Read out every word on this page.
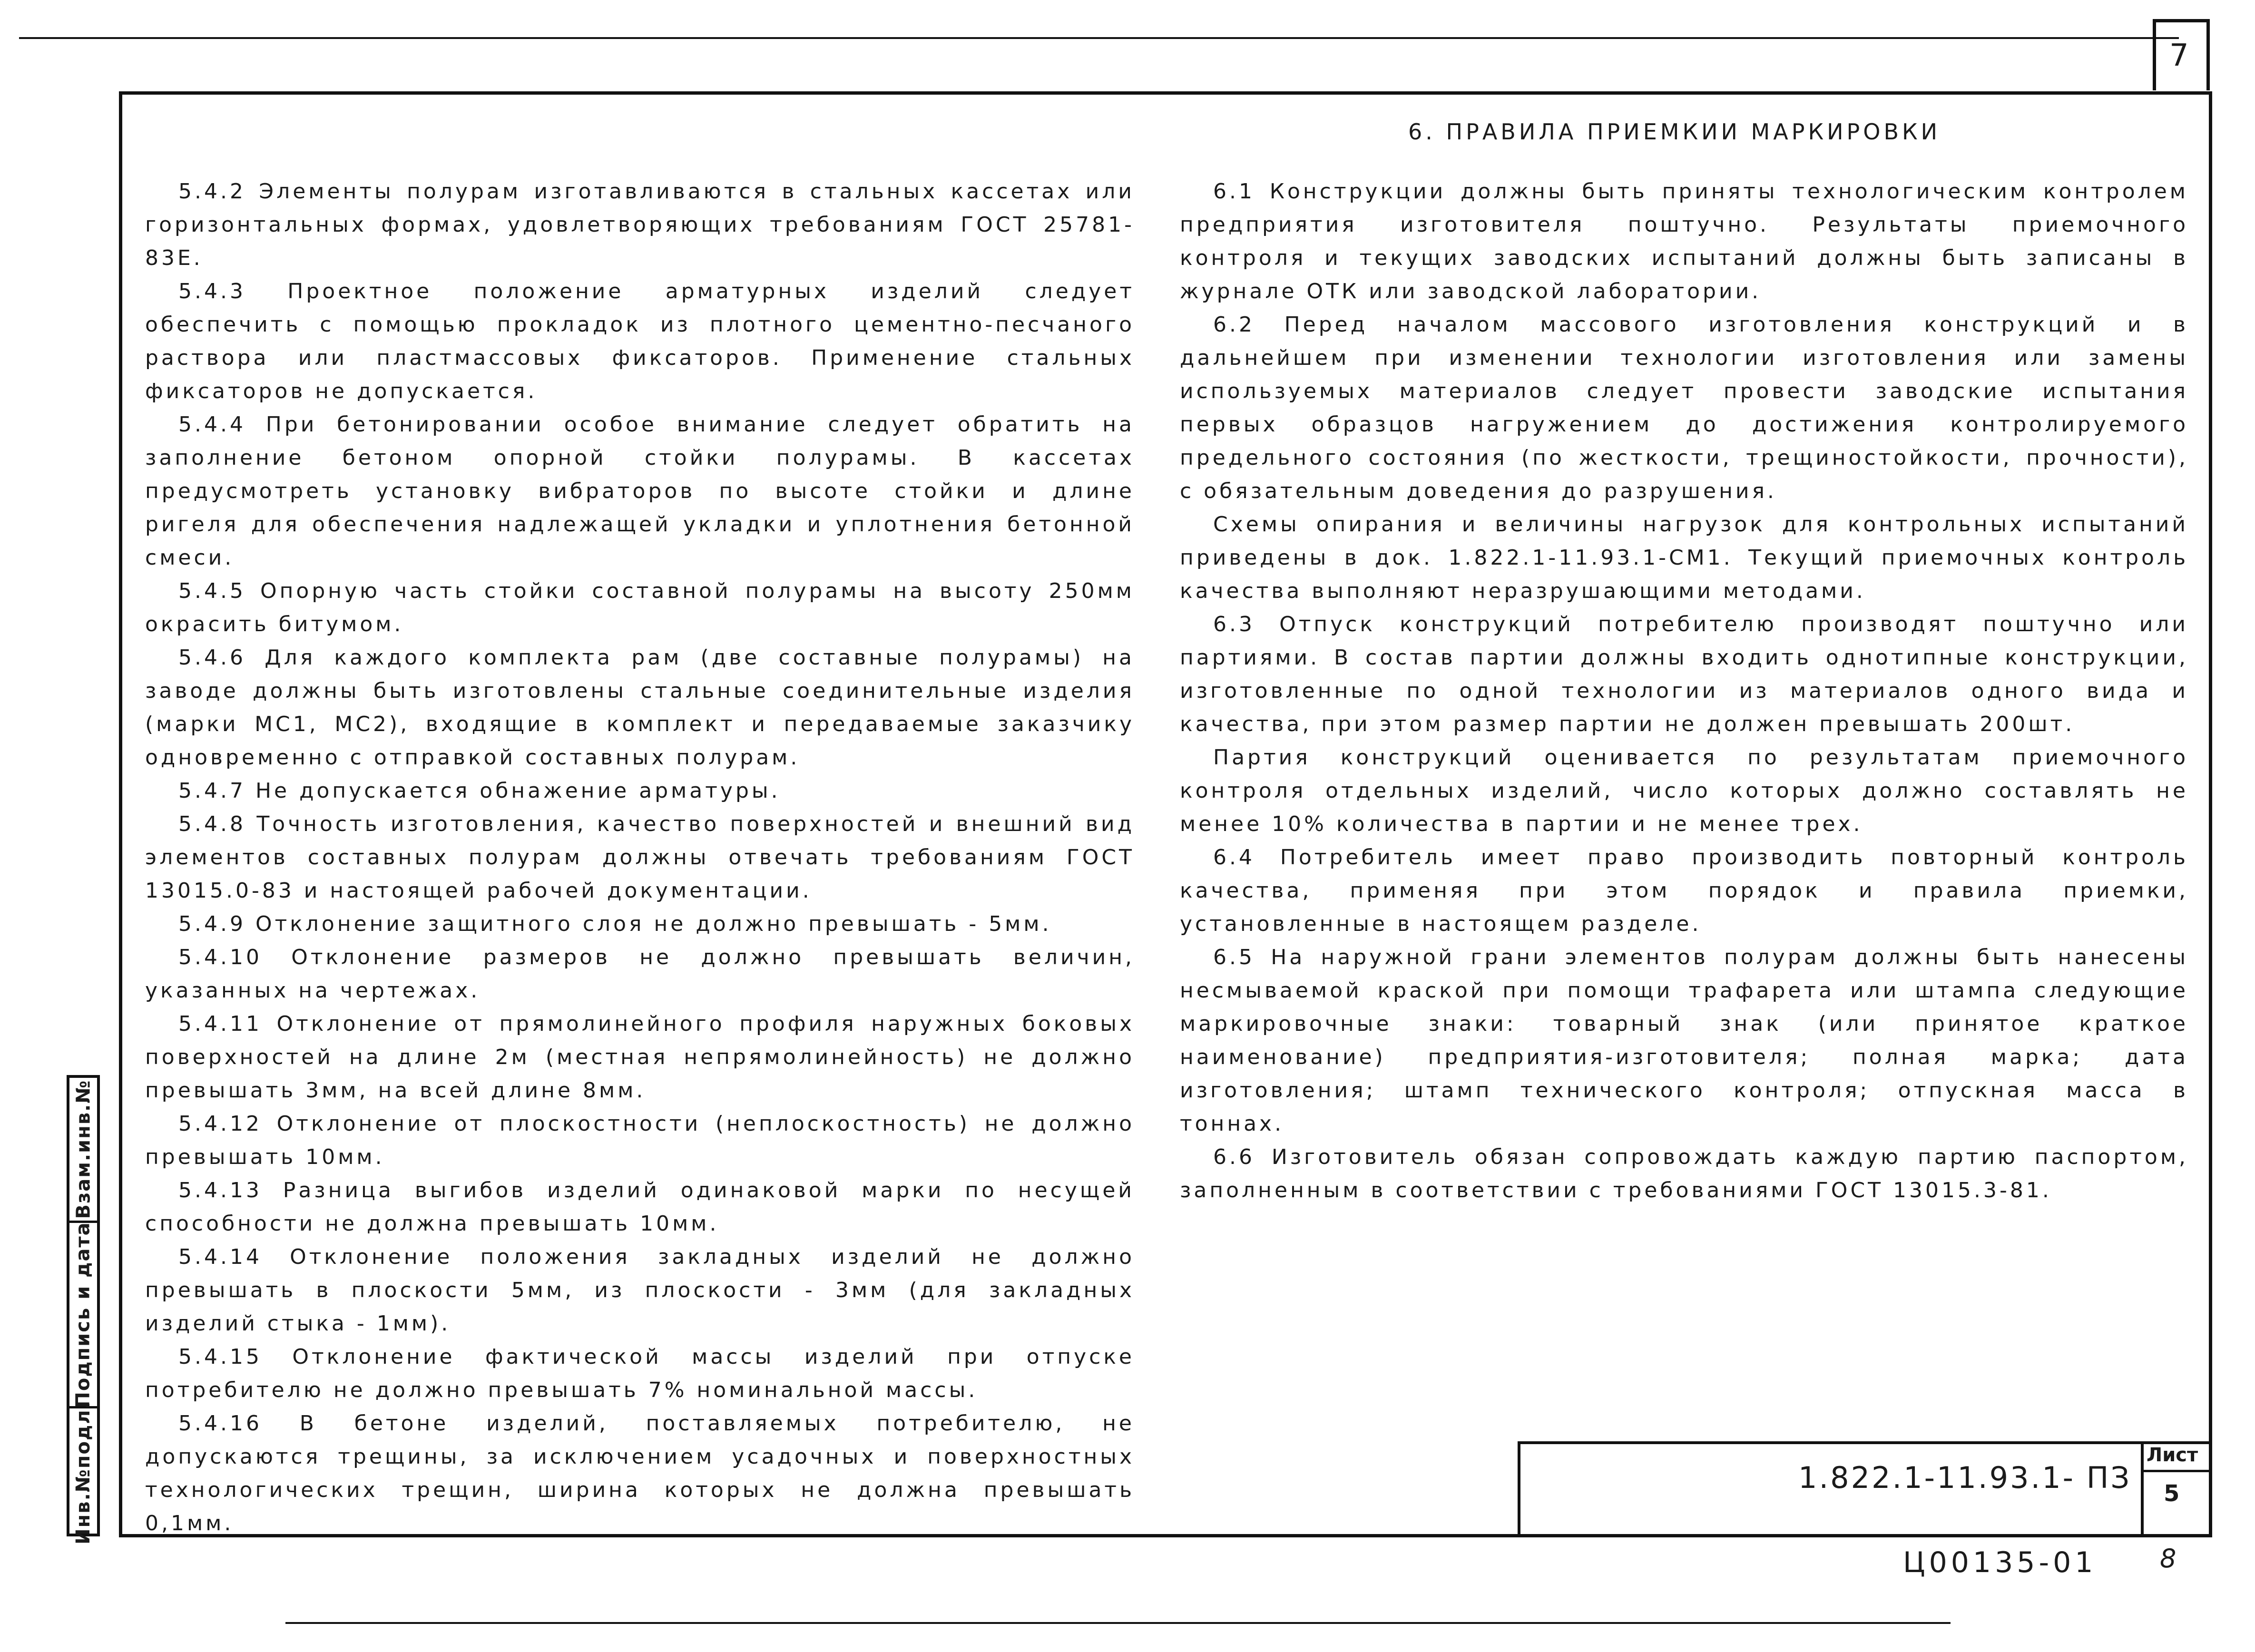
7
Инв.№подл.
Подпись и дата
Взам.инв.№
6. ПРАВИЛА ПРИЕМКИИ МАРКИРОВКИ

5.4.2 Элементы полурам изготавливаются в стальных кассетах или горизонтальных формах, удовлетворяющих требованиям ГОСТ 25781-83Е.

5.4.3 Проектное положение арматурных изделий следует обеспечить с помощью прокладок из плотного цементно-песчаного раствора или пластмассовых фиксаторов. Применение стальных фиксаторов не допускается.

5.4.4 При бетонировании особое внимание следует обратить на заполнение бетоном опорной стойки полурамы. В кассетах предусмотреть установку вибраторов по высоте стойки и длине ригеля для обеспечения надлежащей укладки и уплотнения бетонной смеси.

5.4.5 Опорную часть стойки составной полурамы на высоту 250мм окрасить битумом.

5.4.6 Для каждого комплекта рам (две составные полурамы) на заводе должны быть изготовлены стальные соединительные изделия (марки МС1, МС2), входящие в комплект и передаваемые заказчику одновременно с отправкой составных полурам.

5.4.7 Не допускается обнажение арматуры.

5.4.8 Точность изготовления, качество поверхностей и внешний вид элементов составных полурам должны отвечать требованиям ГОСТ 13015.0-83 и настоящей рабочей документации.

5.4.9 Отклонение защитного слоя не должно превышать - 5мм.

5.4.10 Отклонение размеров не должно превышать величин, указанных на чертежах.

5.4.11 Отклонение от прямолинейного профиля наружных боковых поверхностей на длине 2м (местная непрямолинейность) не должно превышать 3мм, на всей длине 8мм.

5.4.12 Отклонение от плоскостности (неплоскостность) не должно превышать 10мм.

5.4.13 Разница выгибов изделий одинаковой марки по несущей способности не должна превышать 10мм.

5.4.14 Отклонение положения закладных изделий не должно превышать в плоскости 5мм, из плоскости - 3мм (для закладных изделий стыка - 1мм).

5.4.15 Отклонение фактической массы изделий при отпуске потребителю не должно превышать 7% номинальной массы.

5.4.16 В бетоне изделий, поставляемых потребителю, не допускаются трещины, за исключением усадочных и поверхностных технологических трещин, ширина которых не должна превышать 0,1мм.

6.1 Конструкции должны быть приняты технологическим контролем предприятия изготовителя поштучно. Результаты приемочного контроля и текущих заводских испытаний должны быть записаны в журнале ОТК или заводской лаборатории.

6.2 Перед началом массового изготовления конструкций и в дальнейшем при изменении технологии изготовления или замены используемых материалов следует провести заводские испытания первых образцов нагружением до достижения контролируемого предельного состояния (по жесткости, трещиностойкости, прочности), с обязательным доведения до разрушения.

Схемы опирания и величины нагрузок для контрольных испытаний приведены в док. 1.822.1-11.93.1-СМ1. Текущий приемочных контроль качества выполняют неразрушающими методами.

6.3 Отпуск конструкций потребителю производят поштучно или партиями. В состав партии должны входить однотипные конструкции, изготовленные по одной технологии из материалов одного вида и качества, при этом размер партии не должен превышать 200шт.

Партия конструкций оценивается по результатам приемочного контроля отдельных изделий, число которых должно составлять не менее 10% количества в партии и не менее трех.

6.4 Потребитель имеет право производить повторный контроль качества, применяя при этом порядок и правила приемки, установленные в настоящем разделе.

6.5 На наружной грани элементов полурам должны быть нанесены несмываемой краской при помощи трафарета или штампа следующие маркировочные знаки: товарный знак (или принятое краткое наименование) предприятия-изготовителя; полная марка; дата изготовления; штамп технического контроля; отпускная масса в тоннах.

6.6 Изготовитель обязан сопровождать каждую партию паспортом, заполненным в соответствии с требованиями ГОСТ 13015.3-81.

1.822.1-11.93.1- ПЗ
Лист
5
Ц00135-01 8
